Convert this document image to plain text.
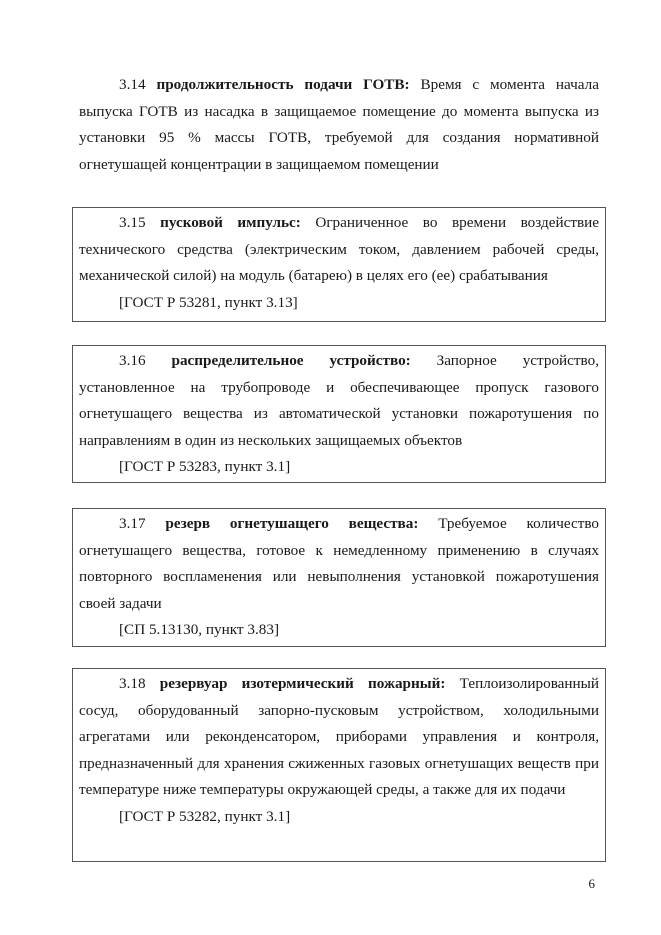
3.14 продолжительность подачи ГОТВ: Время с момента начала выпуска ГОТВ из насадка в защищаемое помещение до момента выпуска из установки 95 % массы ГОТВ, требуемой для создания нормативной огнетушащей концентрации в защищаемом помещении

3.15 пусковой импульс: Ограниченное во времени воздействие технического средства (электрическим током, давлением рабочей среды, механической силой) на модуль (батарею) в целях его (ее) срабатывания

[ГОСТ Р 53281, пункт 3.13]

3.16 распределительное устройство: Запорное устройство, установленное на трубопроводе и обеспечивающее пропуск газового огнетушащего вещества из автоматической установки пожаротушения по направлениям в один из нескольких защищаемых объектов

[ГОСТ Р 53283, пункт 3.1]

3.17 резерв огнетушащего вещества: Требуемое количество огнетушащего вещества, готовое к немедленному применению в случаях повторного воспламенения или невыполнения установкой пожаротушения своей задачи

[СП 5.13130, пункт 3.83]

3.18 резервуар изотермический пожарный: Теплоизолированный сосуд, оборудованный запорно-пусковым устройством, холодильными агрегатами или реконденсатором, приборами управления и контроля, предназначенный для хранения сжиженных газовых огнетушащих веществ при температуре ниже температуры окружающей среды, а также для их подачи

[ГОСТ Р 53282, пункт 3.1]

6
